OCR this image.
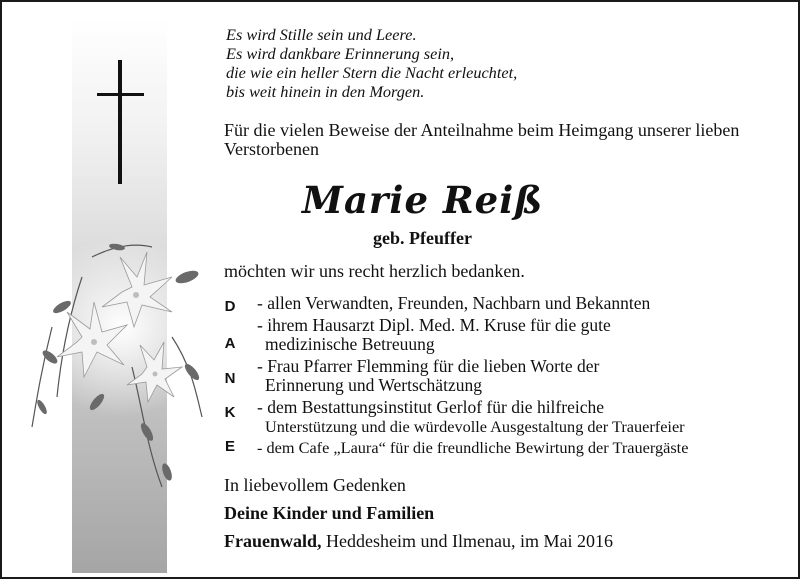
Es wird Stille sein und Leere.
Es wird dankbare Erinnerung sein,
die wie ein heller Stern die Nacht erleuchtet,
bis weit hinein in den Morgen.
Für die vielen Beweise der Anteilnahme beim Heimgang unserer lieben Verstorbenen
Marie Reiß
geb. Pfeuffer
möchten wir uns recht herzlich bedanken.
D
A
N
K
E
- allen Verwandten, Freunden, Nachbarn und Bekannten
- ihrem Hausarzt Dipl. Med. M. Kruse für die gute
medizinische Betreuung
- Frau Pfarrer Flemming für die lieben Worte der
Erinnerung und Wertschätzung
- dem Bestattungsinstitut Gerlof für die hilfreiche
Unterstützung und die würdevolle Ausgestaltung der Trauerfeier
- dem Cafe „Laura“ für die freundliche Bewirtung der Trauergäste
In liebevollem Gedenken
Deine Kinder und Familien
Frauenwald, Heddesheim und Ilmenau, im Mai 2016
